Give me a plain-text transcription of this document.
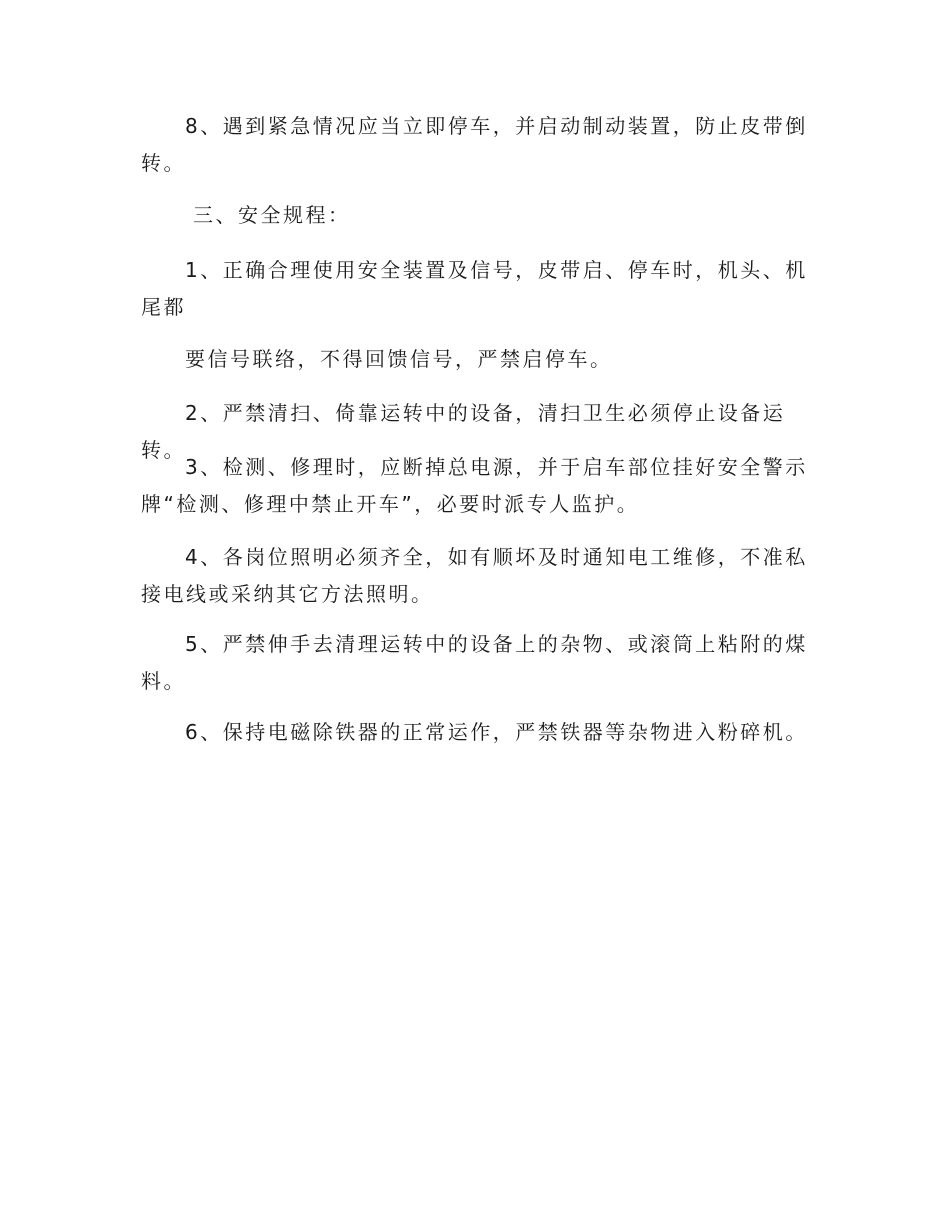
8、遇到紧急情况应当立即停车，并启动制动装置，防止皮带倒转。

三、安全规程：

1、正确合理使用安全装置及信号，皮带启、停车时，机头、机尾都

要信号联络，不得回馈信号，严禁启停车。

2、严禁清扫、倚靠运转中的设备，清扫卫生必须停止设备运转。

3、检测、修理时，应断掉总电源，并于启车部位挂好安全警示牌“检测、修理中禁止开车”，必要时派专人监护。

4、各岗位照明必须齐全，如有顺坏及时通知电工维修，不准私接电线或采纳其它方法照明。

5、严禁伸手去清理运转中的设备上的杂物、或滚筒上粘附的煤料。

6、保持电磁除铁器的正常运作，严禁铁器等杂物进入粉碎机。
